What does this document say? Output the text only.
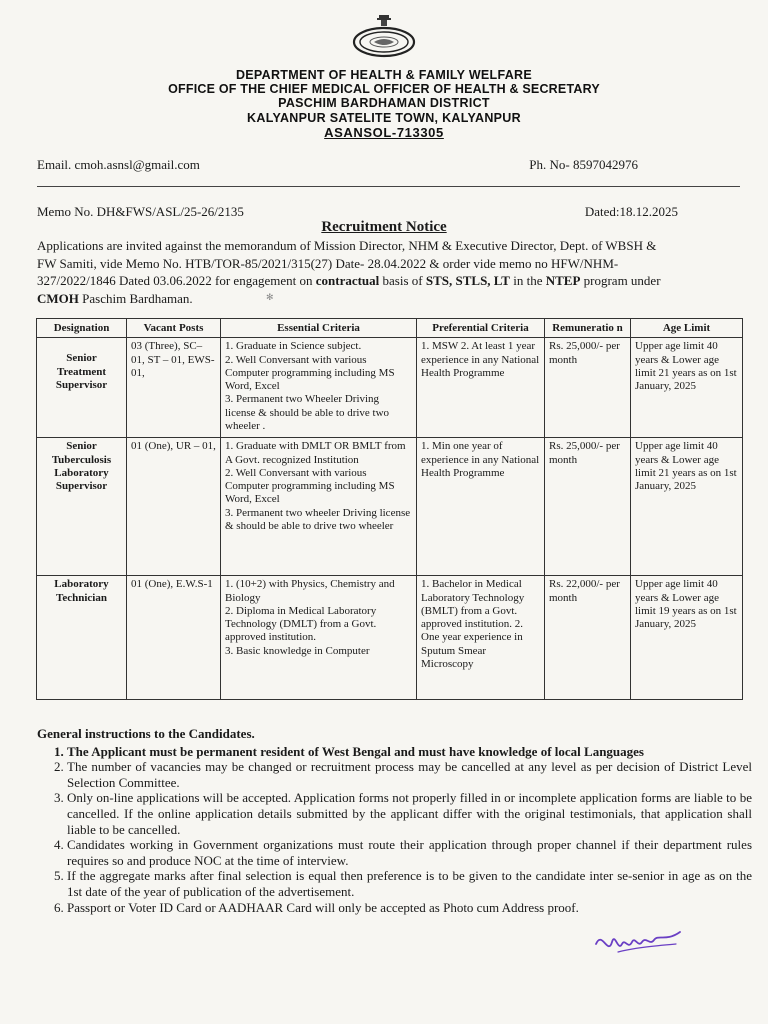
DEPARTMENT OF HEALTH & FAMILY WELFARE
OFFICE OF THE CHIEF MEDICAL OFFICER OF HEALTH & SECRETARY
PASCHIM BARDHAMAN DISTRICT
KALYANPUR SATELITE TOWN, KALYANPUR
ASANSOL-713305
Email. cmoh.asnsl@gmail.com	Ph. No- 8597042976
Memo No. DH&FWS/ASL/25-26/2135	Dated:18.12.2025
Recruitment Notice

Applications are invited against the memorandum of Mission Director, NHM & Executive Director, Dept. of WBSH &

FW Samiti, vide Memo No. HTB/TOR-85/2021/315(27) Date- 28.04.2022 & order vide memo no HFW/NHM-

327/2022/1846 Dated 03.06.2022 for engagement on contractual basis of STS, STLS, LT in the NTEP program under

CMOH Paschim Bardhaman.	✻
Designation	Vacant Posts	Essential Criteria	Preferential Criteria	Remuneratio n	Age Limit
Senior Treatment Supervisor	03 (Three), SC– 01, ST – 01, EWS-01,	1. Graduate in Science subject.
2. Well Conversant with various Computer programming including MS Word, Excel
3. Permanent two Wheeler Driving license & should be able to drive two wheeler .	1. MSW 2. At least 1 year experience in any National Health Programme	Rs. 25,000/- per month	Upper age limit 40 years & Lower age limit 21 years as on 1st January, 2025
Senior Tuberculosis Laboratory Supervisor	01 (One), UR – 01,	1. Graduate with DMLT OR BMLT from A Govt. recognized Institution
2. Well Conversant with various Computer programming including MS Word, Excel
3. Permanent two wheeler Driving license & should be able to drive two wheeler	1. Min one year of experience in any National Health Programme	Rs. 25,000/- per month	Upper age limit 40 years & Lower age limit 21 years as on 1st January, 2025
Laboratory Technician	01 (One), E.W.S-1	1. (10+2) with Physics, Chemistry and Biology
2. Diploma in Medical Laboratory Technology (DMLT) from a Govt. approved institution.
3. Basic knowledge in Computer	1. Bachelor in Medical Laboratory Technology (BMLT) from a Govt. approved institution. 2. One year experience in Sputum Smear Microscopy	Rs. 22,000/- per month	Upper age limit 40 years & Lower age limit 19 years as on 1st January, 2025
General instructions to the Candidates.
1. The Applicant must be permanent resident of West Bengal and must have knowledge of local Languages
2. The number of vacancies may be changed or recruitment process may be cancelled at any level as per decision of District Level Selection Committee.
3. Only on-line applications will be accepted. Application forms not properly filled in or incomplete application forms are liable to be cancelled. If the online application details submitted by the applicant differ with the original testimonials, that application shall liable to be cancelled.
4. Candidates working in Government organizations must route their application through proper channel if their department rules requires so and produce NOC at the time of interview.
5. If the aggregate marks after final selection is equal then preference is to be given to the candidate inter se-senior in age as on the 1st date of the year of publication of the advertisement.
6. Passport or Voter ID Card or AADHAAR Card will only be accepted as Photo cum Address proof.
